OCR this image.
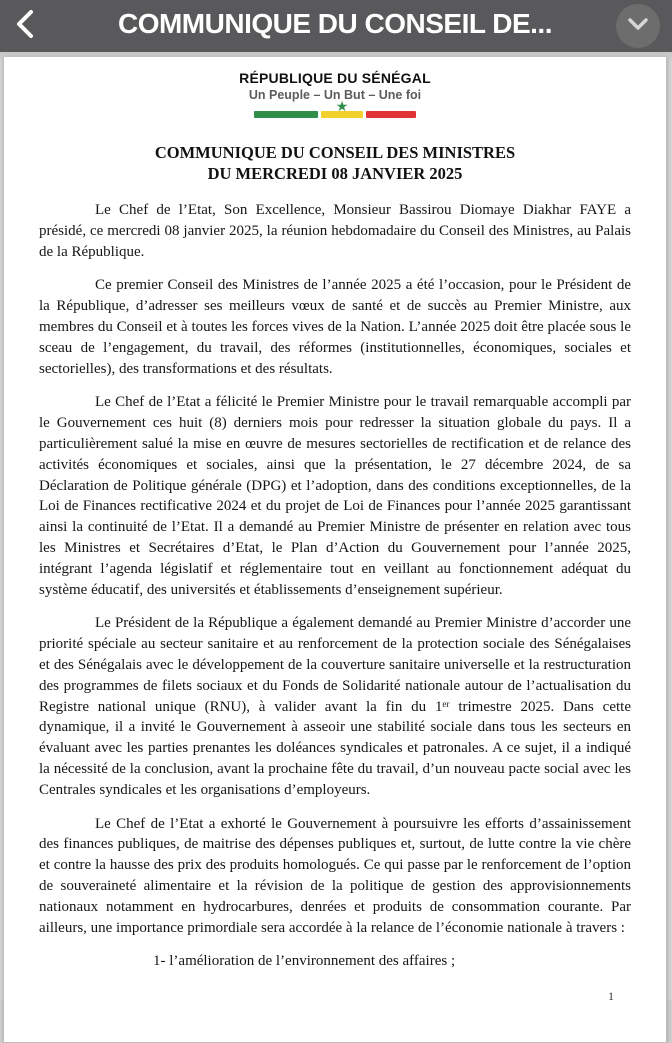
COMMUNIQUE DU CONSEIL DE...
RÉPUBLIQUE DU SÉNÉGAL
Un Peuple – Un But – Une foi
★
COMMUNIQUE DU CONSEIL DES MINISTRES
DU MERCREDI 08 JANVIER 2025

Le Chef de l’Etat, Son Excellence, Monsieur Bassirou Diomaye Diakhar FAYE a présidé, ce mercredi 08 janvier 2025, la réunion hebdomadaire du Conseil des Ministres, au Palais de la République.

Ce premier Conseil des Ministres de l’année 2025 a été l’occasion, pour le Président de la République, d’adresser ses meilleurs vœux de santé et de succès au Premier Ministre, aux membres du Conseil et à toutes les forces vives de la Nation. L’année 2025 doit être placée sous le sceau de l’engagement, du travail, des réformes (institutionnelles, économiques, sociales et sectorielles), des transformations et des résultats.

Le Chef de l’Etat a félicité le Premier Ministre pour le travail remarquable accompli par le Gouvernement ces huit (8) derniers mois pour redresser la situation globale du pays. Il a particulièrement salué la mise en œuvre de mesures sectorielles de rectification et de relance des activités économiques et sociales, ainsi que la présentation, le 27 décembre 2024, de sa Déclaration de Politique générale (DPG) et l’adoption, dans des conditions exceptionnelles, de la Loi de Finances rectificative 2024 et du projet de Loi de Finances pour l’année 2025 garantissant ainsi la continuité de l’Etat. Il a demandé au Premier Ministre de présenter en relation avec tous les Ministres et Secrétaires d’Etat, le Plan d’Action du Gouvernement pour l’année 2025, intégrant l’agenda législatif et réglementaire tout en veillant au fonctionnement adéquat du système éducatif, des universités et établissements d’enseignement supérieur.

Le Président de la République a également demandé au Premier Ministre d’accorder une priorité spéciale au secteur sanitaire et au renforcement de la protection sociale des Sénégalaises et des Sénégalais avec le développement de la couverture sanitaire universelle et la restructuration des programmes de filets sociaux et du Fonds de Solidarité nationale autour de l’actualisation du Registre national unique (RNU), à valider avant la fin du 1ᵉʳ trimestre 2025. Dans cette dynamique, il a invité le Gouvernement à asseoir une stabilité sociale dans tous les secteurs en évaluant avec les parties prenantes les doléances syndicales et patronales. A ce sujet, il a indiqué la nécessité de la conclusion, avant la prochaine fête du travail, d’un nouveau pacte social avec les Centrales syndicales et les organisations d’employeurs.

Le Chef de l’Etat a exhorté le Gouvernement à poursuivre les efforts d’assainissement des finances publiques, de maitrise des dépenses publiques et, surtout, de lutte contre la vie chère et contre la hausse des prix des produits homologués. Ce qui passe par le renforcement de l’option de souveraineté alimentaire et la révision de la politique de gestion des approvisionnements nationaux notamment en hydrocarbures, denrées et produits de consommation courante. Par ailleurs, une importance primordiale sera accordée à la relance de l’économie nationale à travers :

1- l’amélioration de l’environnement des affaires ;

1
